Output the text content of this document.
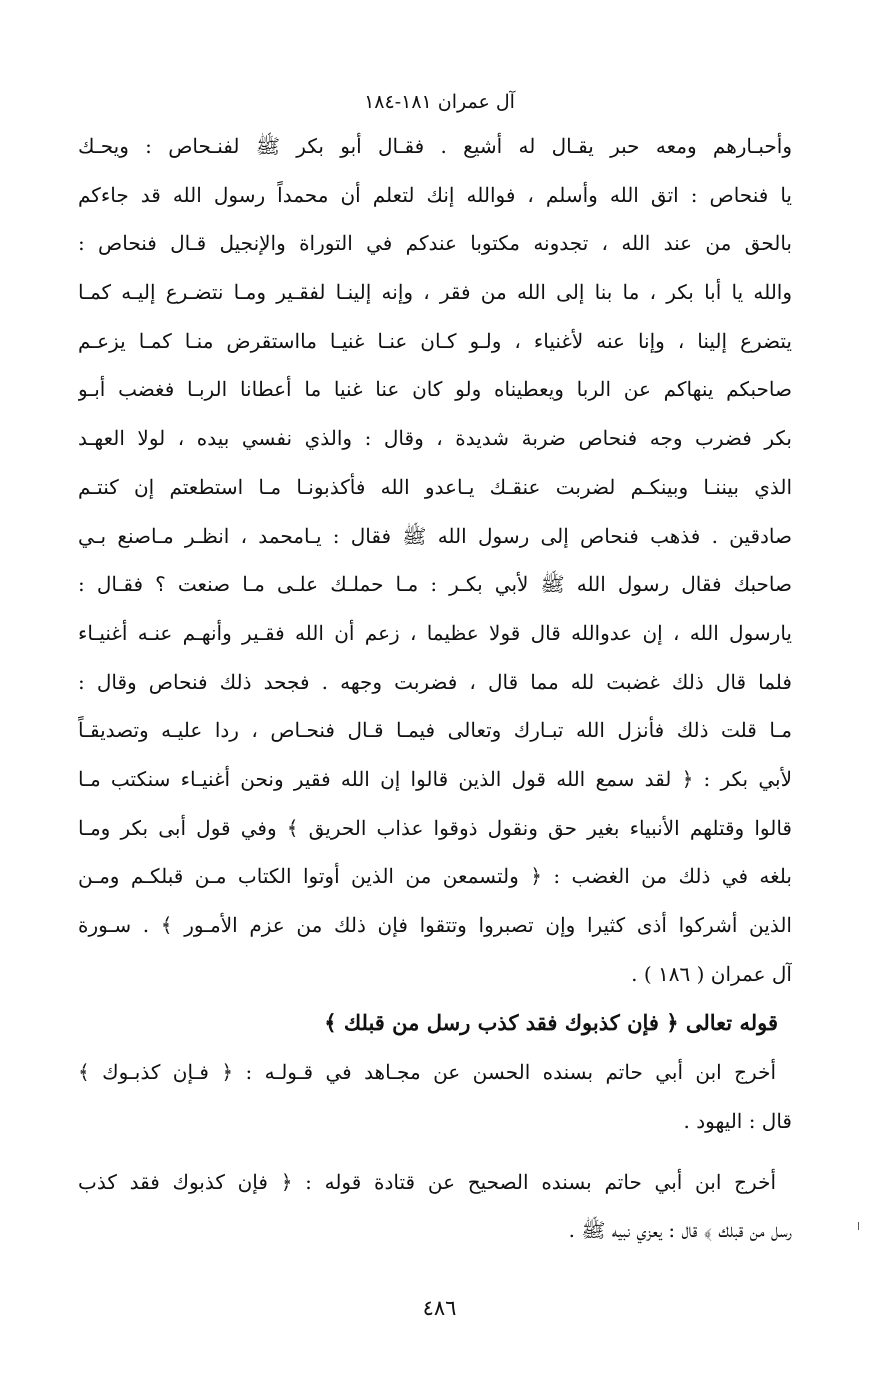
آل عمران ١٨١-١٨٤
وأحبـارهم ومعه حبر يقـال له أشيع . فقـال أبو بكر ﷺ لفنـحاص : ويحـك
يا فنحاص : اتق الله وأسلم ، فوالله إنك لتعلم أن محمداً رسول الله قد جاءكم
بالحق من عند الله ، تجدونه مكتوبا عندكم في التوراة والإنجيل قـال فنحاص :
والله يا أبا بكر ، ما بنا إلى الله من فقر ، وإنه إلينـا لفقـير ومـا نتضـرع إليـه كمـا
يتضرع إلينا ، وإنا عنه لأغنياء ، ولـو كـان عنـا غنيـا مااستقرض منـا كمـا يزعـم
صاحبكم ينهاكم عن الربا ويعطيناه ولو كان عنا غنيا ما أعطانا الربـا فغضب أبـو
بكر فضرب وجه فنحاص ضربة شديدة ، وقال : والذي نفسي بيده ، لولا العهـد
الذي بيننـا وبينكـم لضربت عنقـك يـاعدو الله فأكذبونـا مـا استطعتم إن كنتـم
صادقين . فذهب فنحاص إلى رسول الله ﷺ فقال : يـامحمد ، انظـر مـاصنع بـي
صاحبك فقال رسول الله ﷺ لأبي بكـر : مـا حملـك علـى مـا صنعت ؟ فقـال :
يارسول الله ، إن عدوالله قال قولا عظيما ، زعم أن الله فقـير وأنهـم عنـه أغنيـاء
فلما قال ذلك غضبت لله مما قال ، فضربت وجهه . فجحد ذلك فنحاص وقال :
مـا قلت ذلك فأنزل الله تبـارك وتعالى فيمـا قـال فنحـاص ، ردا عليـه وتصديقـاً
لأبي بكر : ﴿ لقد سمع الله قول الذين قالوا إن الله فقير ونحن أغنيـاء سنكتب مـا
قالوا وقتلهم الأنبياء بغير حق ونقول ذوقوا عذاب الحريق ﴾ وفي قول أبى بكر ومـا
بلغه في ذلك من الغضب : ﴿ ولتسمعن من الذين أوتوا الكتاب مـن قبلكـم ومـن
الذين أشركوا أذى كثيرا وإن تصبروا وتتقوا فإن ذلك من عزم الأمـور ﴾ . سـورة
آل عمران ( ١٨٦ ) .
قوله تعالى ﴿ فإن كذبوك فقد كذب رسل من قبلك ﴾
أخرج ابن أبي حاتم بسنده الحسن عن مجـاهد في قـولـه : ﴿ فـإن كذبـوك ﴾
قال : اليهود .
أخرج ابن أبي حاتم بسنده الصحيح عن قتادة قوله : ﴿ فإن كذبوك فقد كذب
رسل من قبلك ﴾ قال : يعزي نبيه ﷺ .
٤٨٦
